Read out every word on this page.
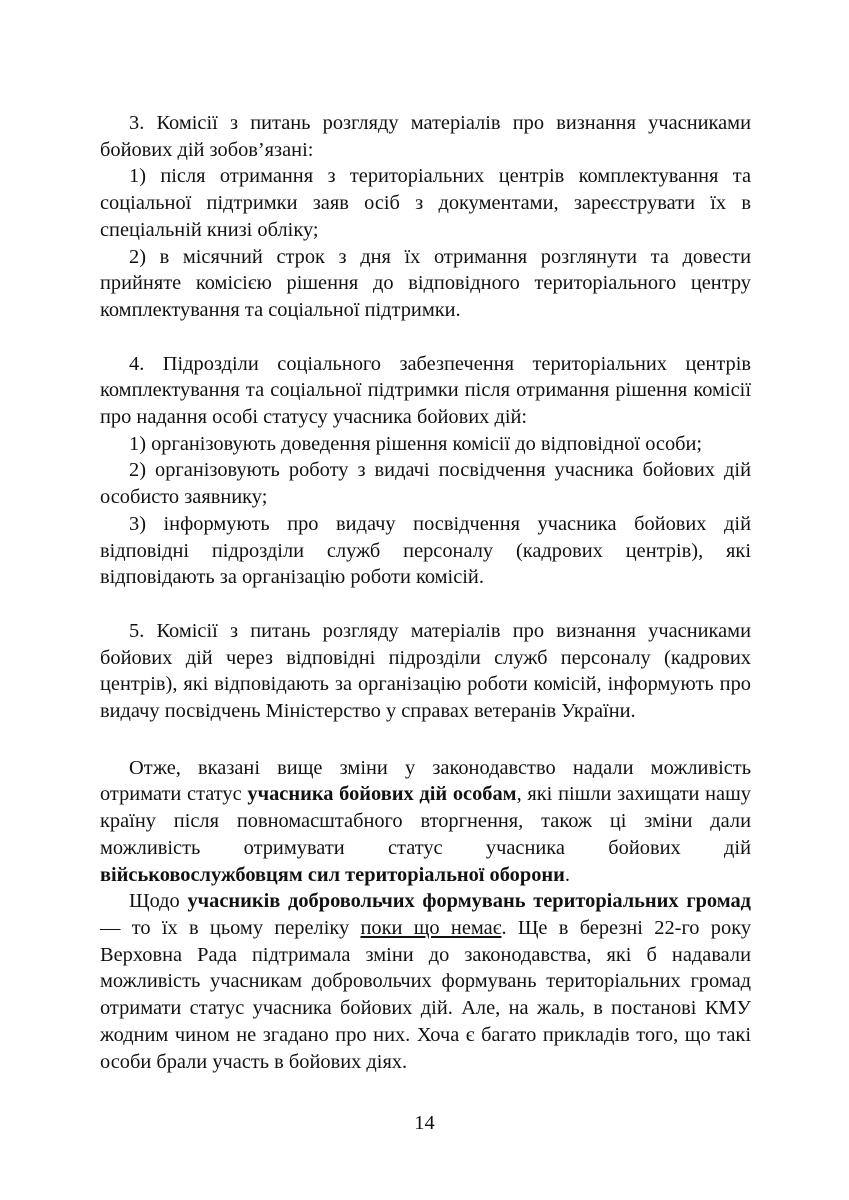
3. Комісії з питань розгляду матеріалів про визнання учасниками бойових дій зобов’язані:

1) після отримання з територіальних центрів комплектування та соціальної підтримки заяв осіб з документами, зареєструвати їх в спеціальній книзі обліку;

2) в місячний строк з дня їх отримання розглянути та довести прийняте комісією рішення до відповідного територіального центру комплектування та соціальної підтримки.

4. Підрозділи соціального забезпечення територіальних центрів комплектування та соціальної підтримки після отримання рішення комісії про надання особі статусу учасника бойових дій:

1) організовують доведення рішення комісії до відповідної особи;

2) організовують роботу з видачі посвідчення учасника бойових дій особисто заявнику;

3) інформують про видачу посвідчення учасника бойових дій відповідні підрозділи служб персоналу (кадрових центрів), які відповідають за організацію роботи комісій.

5. Комісії з питань розгляду матеріалів про визнання учасниками бойових дій через відповідні підрозділи служб персоналу (кадрових центрів), які відповідають за організацію роботи комісій, інформують про видачу посвідчень Міністерство у справах ветеранів України.

Отже, вказані вище зміни у законодавство надали можливість отримати статус учасника бойових дій особам, які пішли захищати нашу країну після повномасштабного вторгнення, також ці зміни дали можливість отримувати статус учасника бойових дій військовослужбовцям сил територіальної оборони.

Щодо учасників добровольчих формувань територіальних громад — то їх в цьому переліку поки що немає. Ще в березні 22-го року Верховна Рада підтримала зміни до законодавства, які б надавали можливість учасникам добровольчих формувань територіальних громад отримати статус учасника бойових дій. Але, на жаль, в постанові КМУ жодним чином не згадано про них. Хоча є багато прикладів того, що такі особи брали участь в бойових діях.

14
